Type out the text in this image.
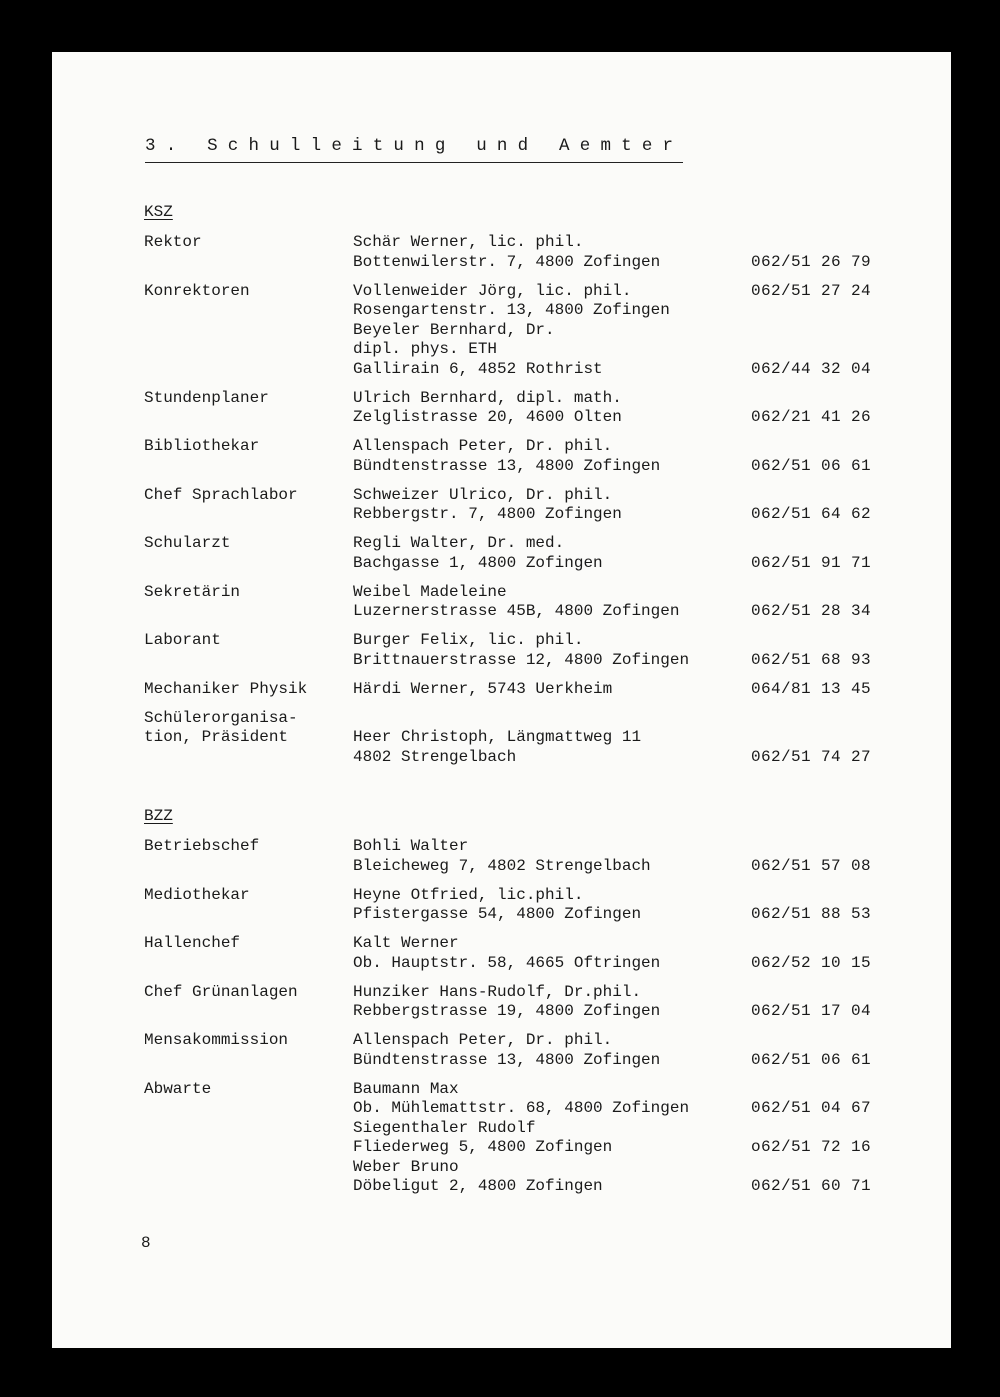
3. Schulleitung und Aemter
KSZ
Rektor	Schär Werner, lic. phil.
Bottenwilerstr. 7, 4800 Zofingen	062/51 26 79
Konrektoren	Vollenweider Jörg, lic. phil.	062/51 27 24
Rosengartenstr. 13, 4800 Zofingen
Beyeler Bernhard, Dr.
dipl. phys. ETH
Gallirain 6, 4852 Rothrist	062/44 32 04
Stundenplaner	Ulrich Bernhard, dipl. math.
Zelglistrasse 20, 4600 Olten	062/21 41 26
Bibliothekar	Allenspach Peter, Dr. phil.
Bündtenstrasse 13, 4800 Zofingen	062/51 06 61
Chef Sprachlabor	Schweizer Ulrico, Dr. phil.
Rebbergstr. 7, 4800 Zofingen	062/51 64 62
Schularzt	Regli Walter, Dr. med.
Bachgasse 1, 4800 Zofingen	062/51 91 71
Sekretärin	Weibel Madeleine
Luzernerstrasse 45B, 4800 Zofingen	062/51 28 34
Laborant	Burger Felix, lic. phil.
Brittnauerstrasse 12, 4800 Zofingen	062/51 68 93
Mechaniker Physik	Härdi Werner, 5743 Uerkheim	064/81 13 45
Schülerorganisa-
tion, Präsident	Heer Christoph, Längmattweg 11
4802 Strengelbach	062/51 74 27
BZZ
Betriebschef	Bohli Walter
Bleicheweg 7, 4802 Strengelbach	062/51 57 08
Mediothekar	Heyne Otfried, lic.phil.
Pfistergasse 54, 4800 Zofingen	062/51 88 53
Hallenchef	Kalt Werner
Ob. Hauptstr. 58, 4665 Oftringen	062/52 10 15
Chef Grünanlagen	Hunziker Hans-Rudolf, Dr.phil.
Rebbergstrasse 19, 4800 Zofingen	062/51 17 04
Mensakommission	Allenspach Peter, Dr. phil.
Bündtenstrasse 13, 4800 Zofingen	062/51 06 61
Abwarte	Baumann Max
Ob. Mühlemattstr. 68, 4800 Zofingen	062/51 04 67
Siegenthaler Rudolf
Fliederweg 5, 4800 Zofingen	o62/51 72 16
Weber Bruno
Döbeligut 2, 4800 Zofingen	062/51 60 71
8
